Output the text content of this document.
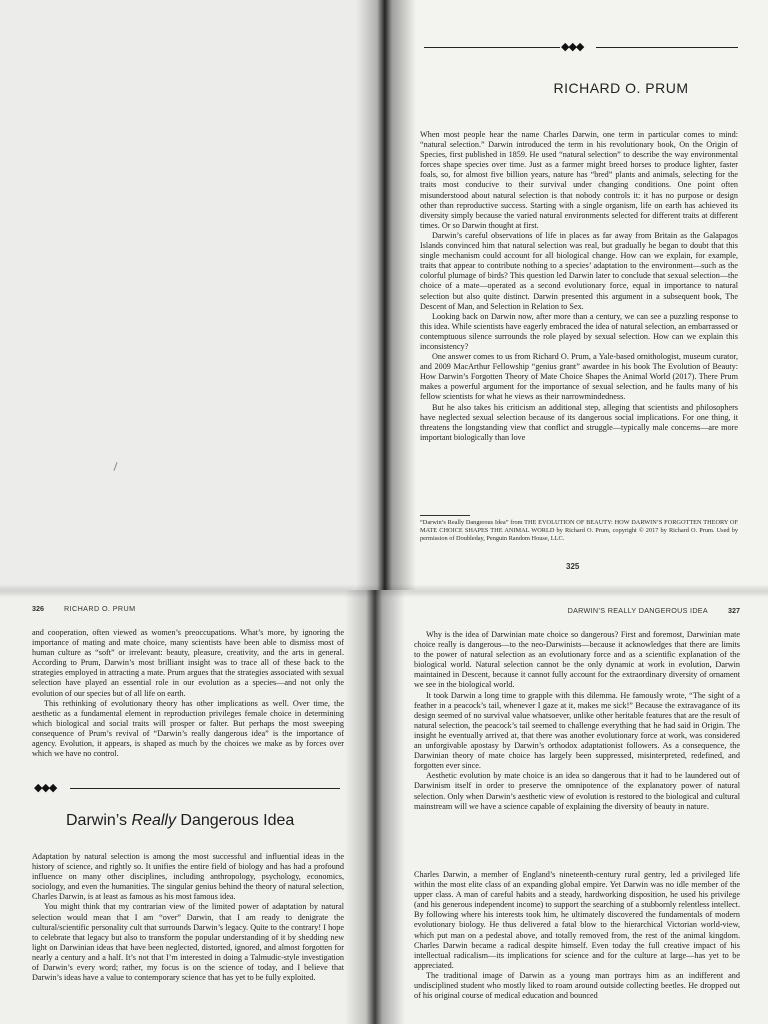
◆◆◆
RICHARD O. PRUM

When most people hear the name Charles Darwin, one term in particular comes to mind: “natural selection.” Darwin introduced the term in his revolutionary book, On the Origin of Species, first published in 1859. He used “natural selection” to describe the way environmental forces shape species over time. Just as a farmer might breed horses to produce lighter, faster foals, so, for almost five billion years, nature has “bred” plants and animals, selecting for the traits most conducive to their survival under changing conditions. One point often misunderstood about natural selection is that nobody controls it: it has no purpose or design other than reproductive success. Starting with a single organism, life on earth has achieved its diversity simply because the varied natural environments selected for different traits at different times. Or so Darwin thought at first.

Darwin’s careful observations of life in places as far away from Britain as the Galapagos Islands convinced him that natural selection was real, but gradually he began to doubt that this single mechanism could account for all biological change. How can we explain, for example, traits that appear to contribute nothing to a species’ adaptation to the environment—such as the colorful plumage of birds? This question led Darwin later to conclude that sexual selection—the choice of a mate—operated as a second evolutionary force, equal in importance to natural selection but also quite distinct. Darwin presented this argument in a subsequent book, The Descent of Man, and Selection in Relation to Sex.

Looking back on Darwin now, after more than a century, we can see a puzzling response to this idea. While scientists have eagerly embraced the idea of natural selection, an embarrassed or contemptuous silence surrounds the role played by sexual selection. How can we explain this inconsistency?

One answer comes to us from Richard O. Prum, a Yale-based ornithologist, museum curator, and 2009 MacArthur Fellowship “genius grant” awardee in his book The Evolution of Beauty: How Darwin’s Forgotten Theory of Mate Choice Shapes the Animal World (2017). There Prum makes a powerful argument for the importance of sexual selection, and he faults many of his fellow scientists for what he views as their narrowmindedness.

But he also takes his criticism an additional step, alleging that scientists and philosophers have neglected sexual selection because of its dangerous social implications. For one thing, it threatens the longstanding view that conflict and struggle—typically male concerns—are more important biologically than love

“Darwin’s Really Dangerous Idea” from THE EVOLUTION OF BEAUTY: HOW DARWIN’S FORGOTTEN THEORY OF MATE CHOICE SHAPES THE ANIMAL WORLD by Richard O. Prum, copyright © 2017 by Richard O. Prum. Used by permission of Doubleday, Penguin Random House, LLC.
325
326	RICHARD O. PRUM

and cooperation, often viewed as women’s preoccupations. What’s more, by ignoring the importance of mating and mate choice, many scientists have been able to dismiss most of human culture as “soft” or irrelevant: beauty, pleasure, creativity, and the arts in general. According to Prum, Darwin’s most brilliant insight was to trace all of these back to the strategies employed in attracting a mate. Prum argues that the strategies associated with sexual selection have played an essential role in our evolution as a species—and not only the evolution of our species but of all life on earth.

This rethinking of evolutionary theory has other implications as well. Over time, the aesthetic as a fundamental element in reproduction privileges female choice in determining which biological and social traits will prosper or falter. But perhaps the most sweeping consequence of Prum’s revival of “Darwin’s really dangerous idea” is the importance of agency. Evolution, it appears, is shaped as much by the choices we make as by forces over which we have no control.

◆◆◆
Darwin’s Really Dangerous Idea

Adaptation by natural selection is among the most successful and influential ideas in the history of science, and rightly so. It unifies the entire field of biology and has had a profound influence on many other disciplines, including anthropology, psychology, economics, sociology, and even the humanities. The singular genius behind the theory of natural selection, Charles Darwin, is at least as famous as his most famous idea.

You might think that my contrarian view of the limited power of adaptation by natural selection would mean that I am “over” Darwin, that I am ready to denigrate the cultural/scientific personality cult that surrounds Darwin’s legacy. Quite to the contrary! I hope to celebrate that legacy but also to transform the popular understanding of it by shedding new light on Darwinian ideas that have been neglected, distorted, ignored, and almost forgotten for nearly a century and a half. It’s not that I’m interested in doing a Talmudic-style investigation of Darwin’s every word; rather, my focus is on the science of today, and I believe that Darwin’s ideas have a value to contemporary science that has yet to be fully exploited.

DARWIN’S REALLY DANGEROUS IDEA	327

Why is the idea of Darwinian mate choice so dangerous? First and foremost, Darwinian mate choice really is dangerous—to the neo-Darwinists—because it acknowledges that there are limits to the power of natural selection as an evolutionary force and as a scientific explanation of the biological world. Natural selection cannot be the only dynamic at work in evolution, Darwin maintained in Descent, because it cannot fully account for the extraordinary diversity of ornament we see in the biological world.

It took Darwin a long time to grapple with this dilemma. He famously wrote, “The sight of a feather in a peacock’s tail, whenever I gaze at it, makes me sick!” Because the extravagance of its design seemed of no survival value whatsoever, unlike other heritable features that are the result of natural selection, the peacock’s tail seemed to challenge everything that he had said in Origin. The insight he eventually arrived at, that there was another evolutionary force at work, was considered an unforgivable apostasy by Darwin’s orthodox adaptationist followers. As a consequence, the Darwinian theory of mate choice has largely been suppressed, misinterpreted, redefined, and forgotten ever since.

Aesthetic evolution by mate choice is an idea so dangerous that it had to be laundered out of Darwinism itself in order to preserve the omnipotence of the explanatory power of natural selection. Only when Darwin’s aesthetic view of evolution is restored to the biological and cultural mainstream will we have a science capable of explaining the diversity of beauty in nature.

Charles Darwin, a member of England’s nineteenth-century rural gentry, led a privileged life within the most elite class of an expanding global empire. Yet Darwin was no idle member of the upper class. A man of careful habits and a steady, hardworking disposition, he used his privilege (and his generous independent income) to support the searching of a stubbornly relentless intellect. By following where his interests took him, he ultimately discovered the fundamentals of modern evolutionary biology. He thus delivered a fatal blow to the hierarchical Victorian world-view, which put man on a pedestal above, and totally removed from, the rest of the animal kingdom. Charles Darwin became a radical despite himself. Even today the full creative impact of his intellectual radicalism—its implications for science and for the culture at large—has yet to be appreciated.

The traditional image of Darwin as a young man portrays him as an indifferent and undisciplined student who mostly liked to roam around outside collecting beetles. He dropped out of his original course of medical education and bounced
